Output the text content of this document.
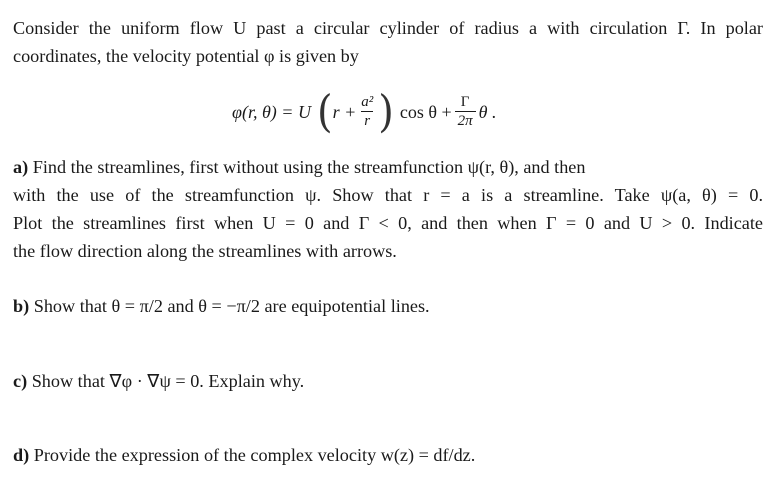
Consider the uniform flow U past a circular cylinder of radius a with circulation Γ. In polar
coordinates, the velocity potential φ is given by
φ(r, θ) = U ( $r + \frac{\text{a²}}{r}$ ) $\cos \theta + \frac{\Gamma}{2\pi}$ θ .
a) Find the streamlines, first without using the streamfunction ψ(r, θ), and then
with the use of the streamfunction ψ. Show that r = a is a streamline. Take ψ(a, θ) = 0.
Plot the streamlines first when U = 0 and Γ < 0, and then when Γ = 0 and U > 0. Indicate
the flow direction along the streamlines with arrows.
b) Show that θ = π/2 and θ = −π/2 are equipotential lines.
c) Show that ∇φ · ∇ψ = 0. Explain why.
d) Provide the expression of the complex velocity w(z) = df/dz.
